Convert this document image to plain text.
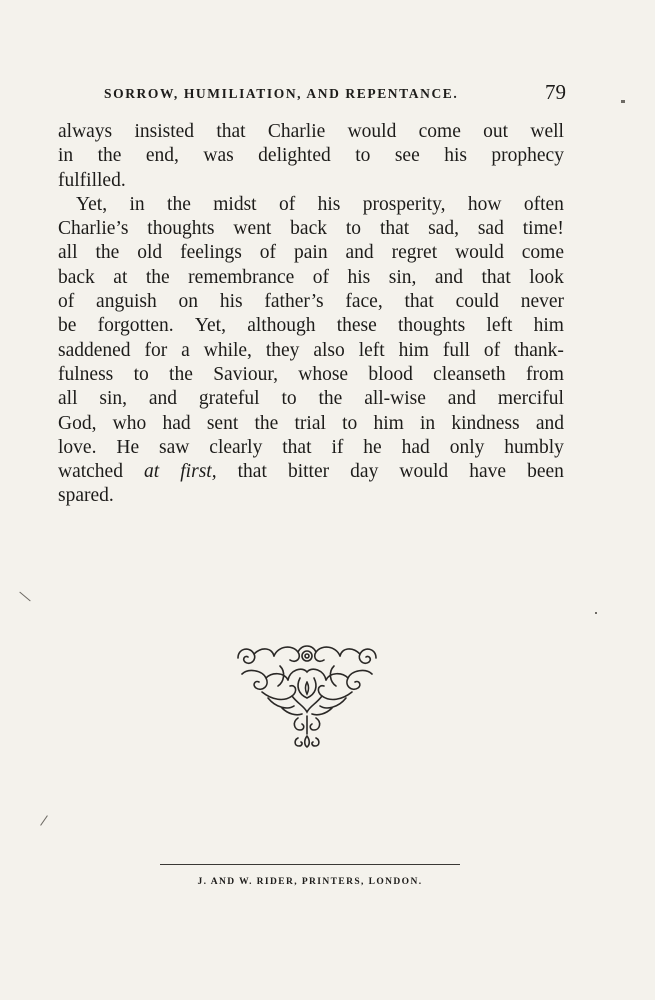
SORROW, HUMILIATION, AND REPENTANCE.	79
always insisted that Charlie would come out well
in the end, was delighted to see his prophecy
fulfilled.
Yet, in the midst of his prosperity, how often
Charlie’s thoughts went back to that sad, sad time!
all the old feelings of pain and regret would come
back at the remembrance of his sin, and that look
of anguish on his father’s face, that could never
be forgotten. Yet, although these thoughts left him
saddened for a while, they also left him full of thank-
fulness to the Saviour, whose blood cleanseth from
all sin, and grateful to the all-wise and merciful
God, who had sent the trial to him in kindness and
love. He saw clearly that if he had only humbly
watched at first, that bitter day would have been
spared.
J. AND W. RIDER, PRINTERS, LONDON.
